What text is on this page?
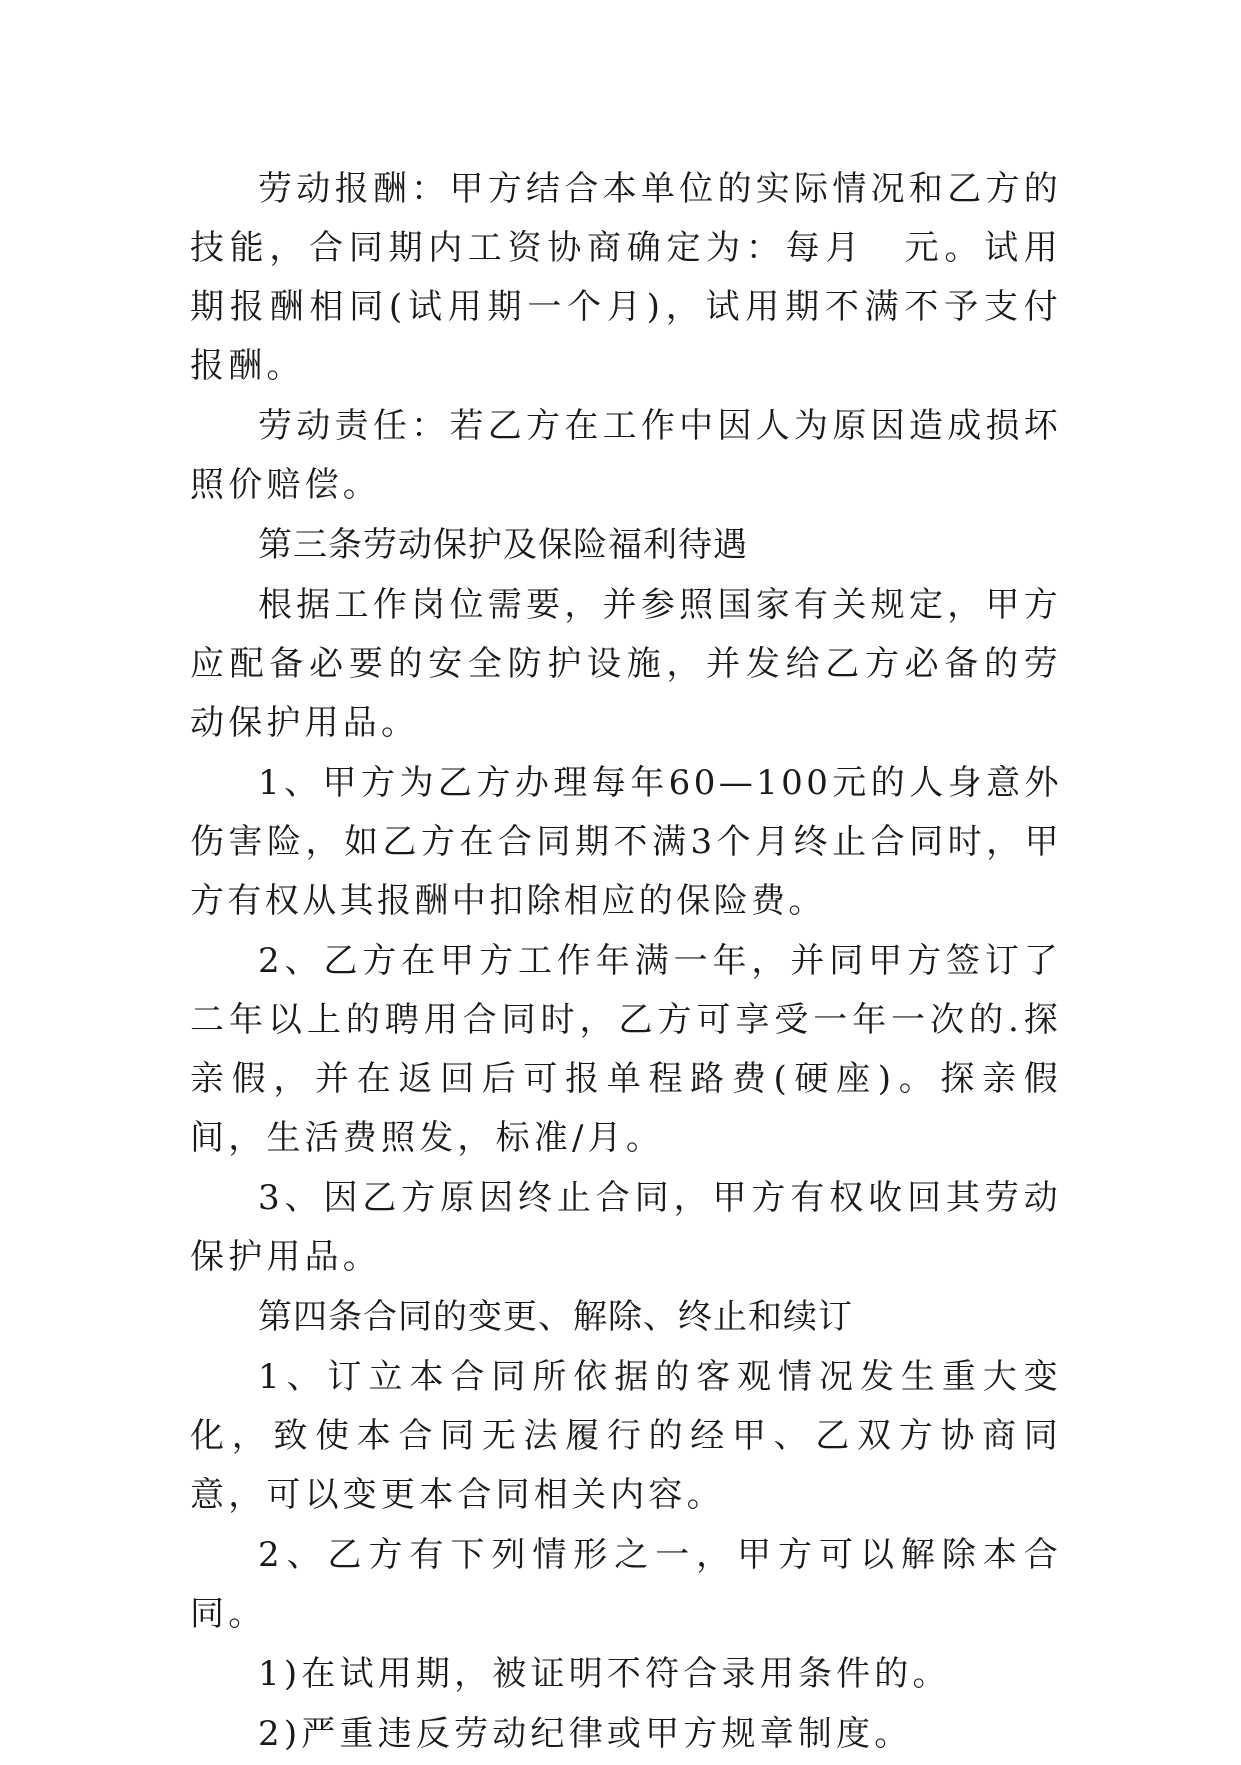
劳动报酬：甲方结合本单位的实际情况和乙方的技能，合同期内工资协商确定为：每月　元。试用期报酬相同(试用期一个月)，试用期不满不予支付报酬。

劳动责任：若乙方在工作中因人为原因造成损坏照价赔偿。

第三条劳动保护及保险福利待遇

根据工作岗位需要，并参照国家有关规定，甲方应配备必要的安全防护设施，并发给乙方必备的劳动保护用品。

1、甲方为乙方办理每年60—100元的人身意外伤害险，如乙方在合同期不满3个月终止合同时，甲方有权从其报酬中扣除相应的保险费。

2、乙方在甲方工作年满一年，并同甲方签订了二年以上的聘用合同时，乙方可享受一年一次的.探亲假，并在返回后可报单程路费(硬座)。探亲假间，生活费照发，标准/月。

3、因乙方原因终止合同，甲方有权收回其劳动保护用品。

第四条合同的变更、解除、终止和续订

1、订立本合同所依据的客观情况发生重大变化，致使本合同无法履行的经甲、乙双方协商同意，可以变更本合同相关内容。

2、乙方有下列情形之一，甲方可以解除本合同。

1)在试用期，被证明不符合录用条件的。

2)严重违反劳动纪律或甲方规章制度。
